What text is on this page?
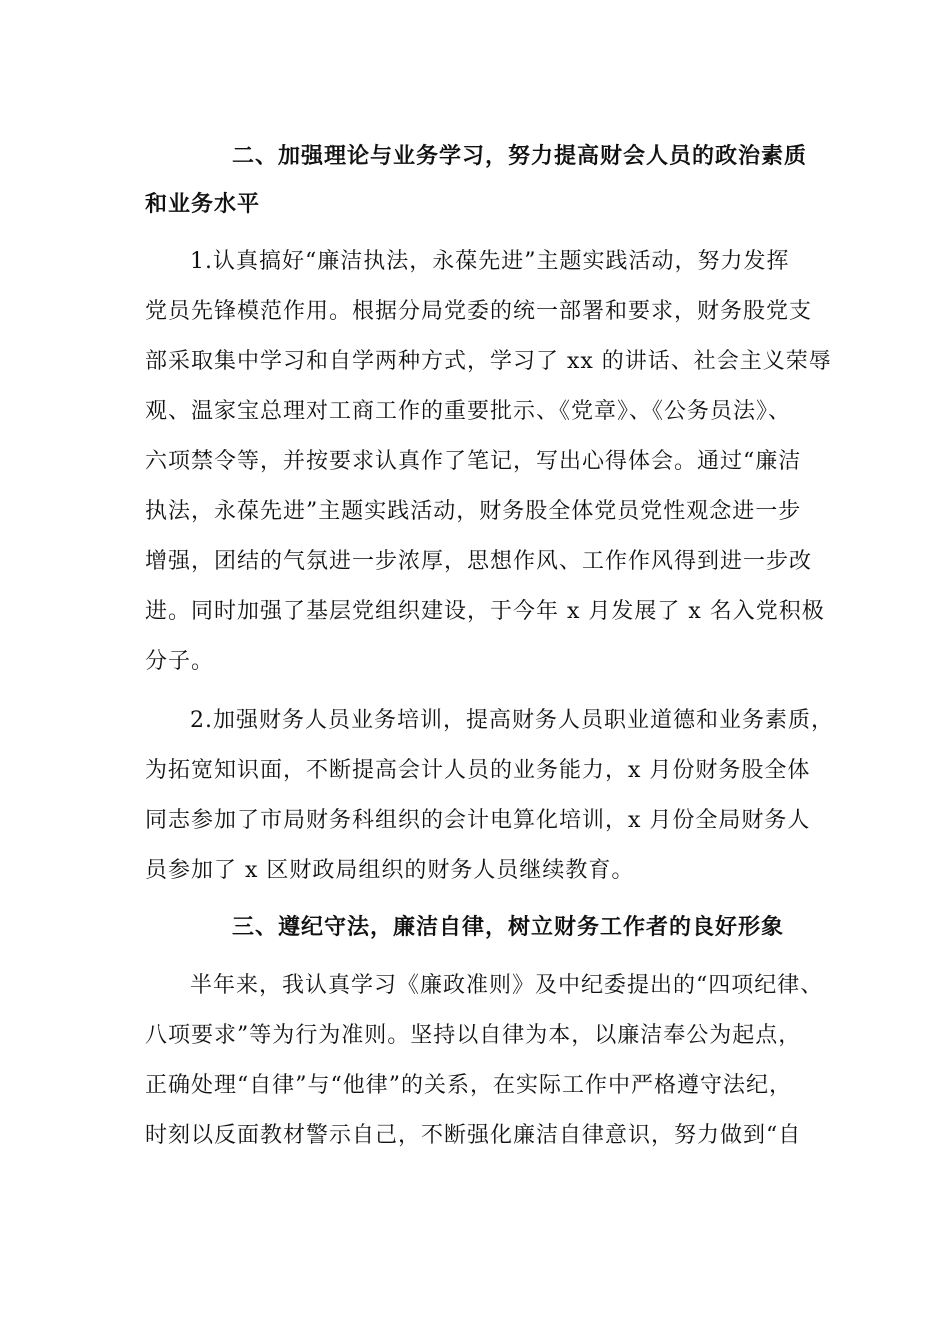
二、加强理论与业务学习，努力提高财会人员的政治素质
和业务水平
1.认真搞好“廉洁执法，永葆先进”主题实践活动，努力发挥
党员先锋模范作用。根据分局党委的统一部署和要求，财务股党支
部采取集中学习和自学两种方式，学习了 xx 的讲话、社会主义荣辱
观、温家宝总理对工商工作的重要批示、《党章》、《公务员法》、
六项禁令等，并按要求认真作了笔记，写出心得体会。通过“廉洁
执法，永葆先进”主题实践活动，财务股全体党员党性观念进一步
增强，团结的气氛进一步浓厚，思想作风、工作作风得到进一步改
进。同时加强了基层党组织建设，于今年 x 月发展了 x 名入党积极
分子。
2.加强财务人员业务培训，提高财务人员职业道德和业务素质，
为拓宽知识面，不断提高会计人员的业务能力，x 月份财务股全体
同志参加了市局财务科组织的会计电算化培训，x 月份全局财务人
员参加了 x 区财政局组织的财务人员继续教育。
三、遵纪守法，廉洁自律，树立财务工作者的良好形象
半年来，我认真学习《廉政准则》及中纪委提出的“四项纪律、
八项要求”等为行为准则。坚持以自律为本，以廉洁奉公为起点，
正确处理“自律”与“他律”的关系，在实际工作中严格遵守法纪，
时刻以反面教材警示自己，不断强化廉洁自律意识，努力做到“自
